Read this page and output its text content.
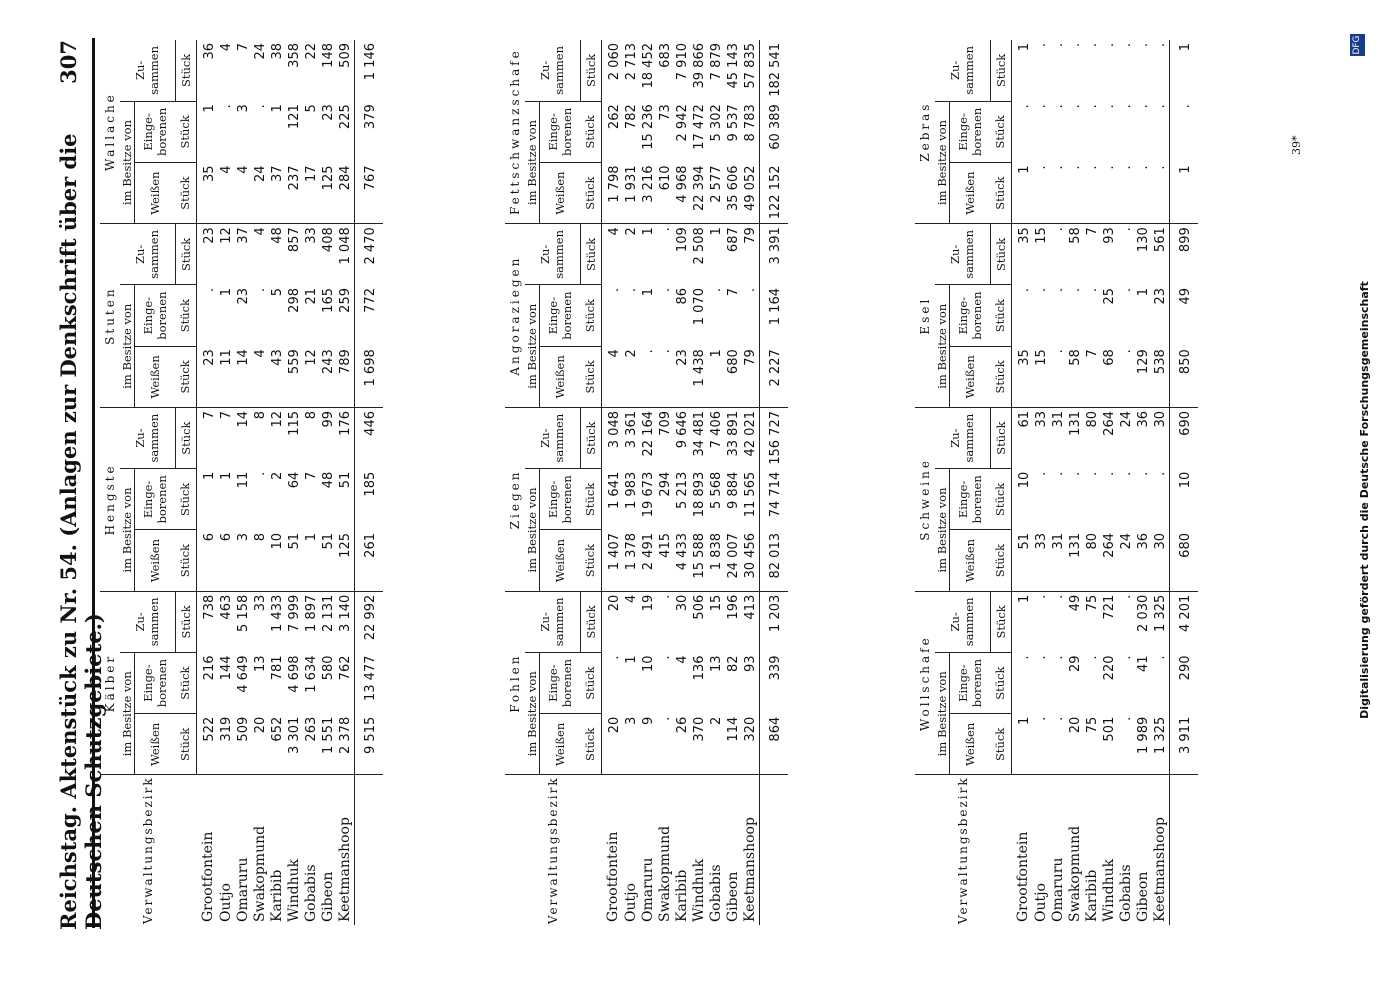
Reichstag. Aktenstück zu Nr. 54. (Anlagen zur Denkschrift über die Deutschen Schutzgebiete.)
307
Verwaltungsbezirk	Kälber			Hengste			Stuten			Wallache		
	im Besitze von		Zu-sammen	im Besitze von		Zu-sammen	im Besitze von		Zu-sammen	im Besitze von		Zu-sammen
	Weißen	Einge-borenen		Weißen	Einge-borenen		Weißen	Einge-borenen		Weißen	Einge-borenen	
	Stück	Stück	Stück	Stück	Stück	Stück	Stück	Stück	Stück	Stück	Stück	Stück
Grootfontein	522	216	738	6	1	7	23	.	23	35	1	36
Outjo	319	144	463	6	1	7	11	1	12	4	.	4
Omaruru	509	4 649	5 158	3	11	14	14	23	37	4	3	7
Swakopmund	20	13	33	8	.	8	4	.	4	24	.	24
Karibib	652	781	1 433	10	2	12	43	5	48	37	1	38
Windhuk	3 301	4 698	7 999	51	64	115	559	298	857	237	121	358
Gobabis	263	1 634	1 897	1	7	8	12	21	33	17	5	22
Gibeon	1 551	580	2 131	51	48	99	243	165	408	125	23	148
Keetmanshoop	2 378	762	3 140	125	51	176	789	259	1 048	284	225	509
	9 515	13 477	22 992	261	185	446	1 698	772	2 470	767	379	1 146
Verwaltungsbezirk	Fohlen			Ziegen			Angoraziegen			Fettschwanzschafe		
	im Besitze von		Zu-sammen	im Besitze von		Zu-sammen	im Besitze von		Zu-sammen	im Besitze von		Zu-sammen
	Weißen	Einge-borenen		Weißen	Einge-borenen		Weißen	Einge-borenen		Weißen	Einge-borenen	
	Stück	Stück	Stück	Stück	Stück	Stück	Stück	Stück	Stück	Stück	Stück	Stück
Grootfontein	20	.	20	1 407	1 641	3 048	4	.	4	1 798	262	2 060
Outjo	3	1	4	1 378	1 983	3 361	2	.	2	1 931	782	2 713
Omaruru	9	10	19	2 491	19 673	22 164	.	1	1	3 216	15 236	18 452
Swakopmund	.	.	.	415	294	709	.	.	.	610	73	683
Karibib	26	4	30	4 433	5 213	9 646	23	86	109	4 968	2 942	7 910
Windhuk	370	136	506	15 588	18 893	34 481	1 438	1 070	2 508	22 394	17 472	39 866
Gobabis	2	13	15	1 838	5 568	7 406	1	.	1	2 577	5 302	7 879
Gibeon	114	82	196	24 007	9 884	33 891	680	7	687	35 606	9 537	45 143
Keetmanshoop	320	93	413	30 456	11 565	42 021	79	.	79	49 052	8 783	57 835
	864	339	1 203	82 013	74 714	156 727	2 227	1 164	3 391	122 152	60 389	182 541
Verwaltungsbezirk	Wollschafe			Schweine			Esel			Zebras		
	im Besitze von		Zu-sammen	im Besitze von		Zu-sammen	im Besitze von		Zu-sammen	im Besitze von		Zu-sammen
	Weißen	Einge-borenen		Weißen	Einge-borenen		Weißen	Einge-borenen		Weißen	Einge-borenen	
	Stück	Stück	Stück	Stück	Stück	Stück	Stück	Stück	Stück	Stück	Stück	Stück
Grootfontein	1	.	1	51	10	61	35	.	35	1	.	1
Outjo	.	.	.	33	.	33	15	.	15	.	.	.
Omaruru	.	.	.	31	.	31	.	.	.	.	.	.
Swakopmund	20	29	49	131	.	131	58	.	58	.	.	.
Karibib	75	.	75	80	.	80	7	.	7	.	.	.
Windhuk	501	220	721	264	.	264	68	25	93	.	.	.
Gobabis	.	.	.	24	.	24	.	.	.	.	.	.
Gibeon	1 989	41	2 030	36	.	36	129	1	130	.	.	.
Keetmanshoop	1 325	.	1 325	30	.	30	538	23	561	.	.	.
	3 911	290	4 201	680	10	690	850	49	899	1	.	1
39*
Digitalisierung gefördert durch die Deutsche Forschungsgemeinschaft
DFG
